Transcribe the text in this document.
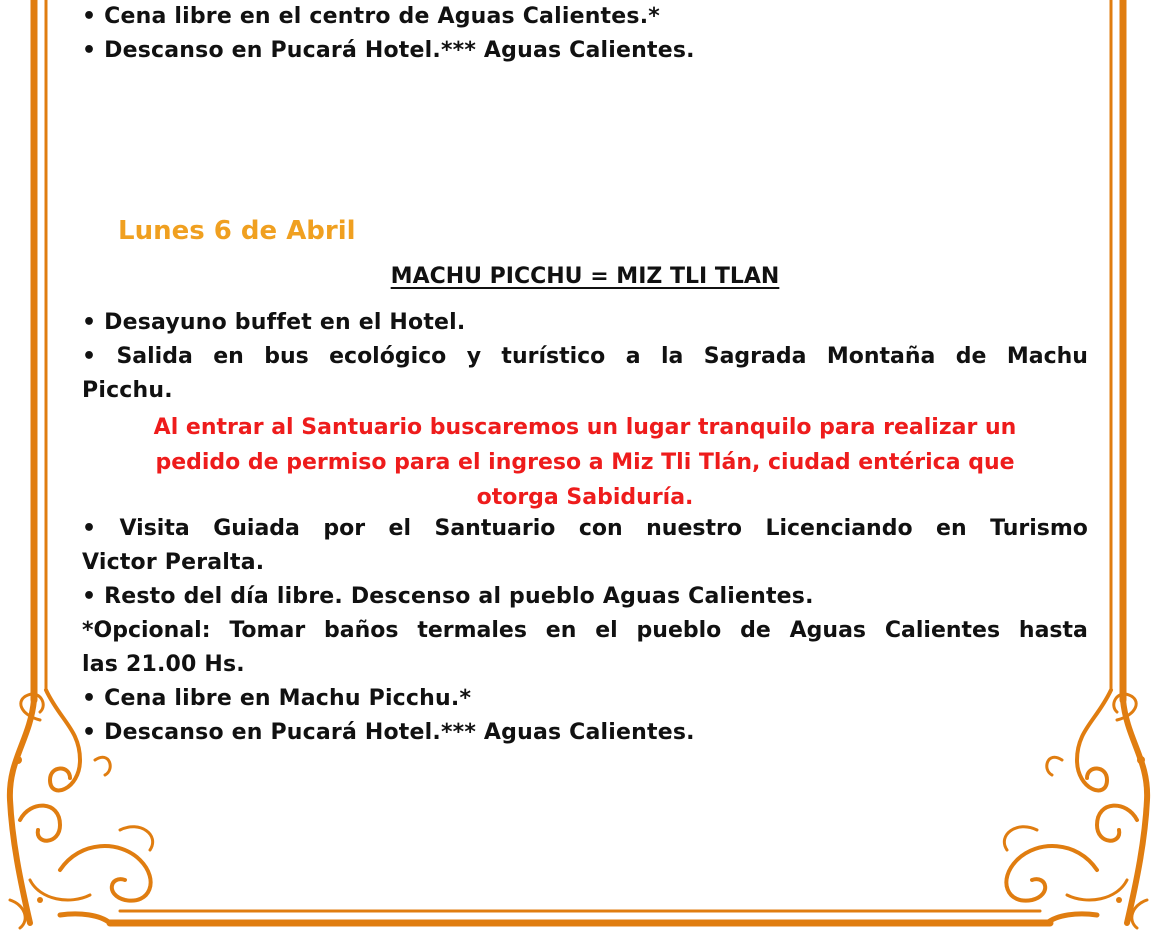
• Cena libre en el centro de Aguas Calientes.*
• Descanso en Pucará Hotel.*** Aguas Calientes.
Lunes 6 de Abril
MACHU PICCHU = MIZ TLI TLAN
• Desayuno buffet en el Hotel.
• Salida en bus ecológico y turístico a la Sagrada Montaña de Machu
Picchu.
Al entrar al Santuario buscaremos un lugar tranquilo para realizar un
pedido de permiso para el ingreso a Miz Tli Tlán, ciudad entérica que
otorga Sabiduría.
• Visita Guiada por el Santuario con nuestro Licenciando en Turismo
Victor Peralta.
• Resto del día libre. Descenso al pueblo Aguas Calientes.
*Opcional: Tomar baños termales en el pueblo de Aguas Calientes hasta
las 21.00 Hs.
• Cena libre en Machu Picchu.*
• Descanso en Pucará Hotel.*** Aguas Calientes.
